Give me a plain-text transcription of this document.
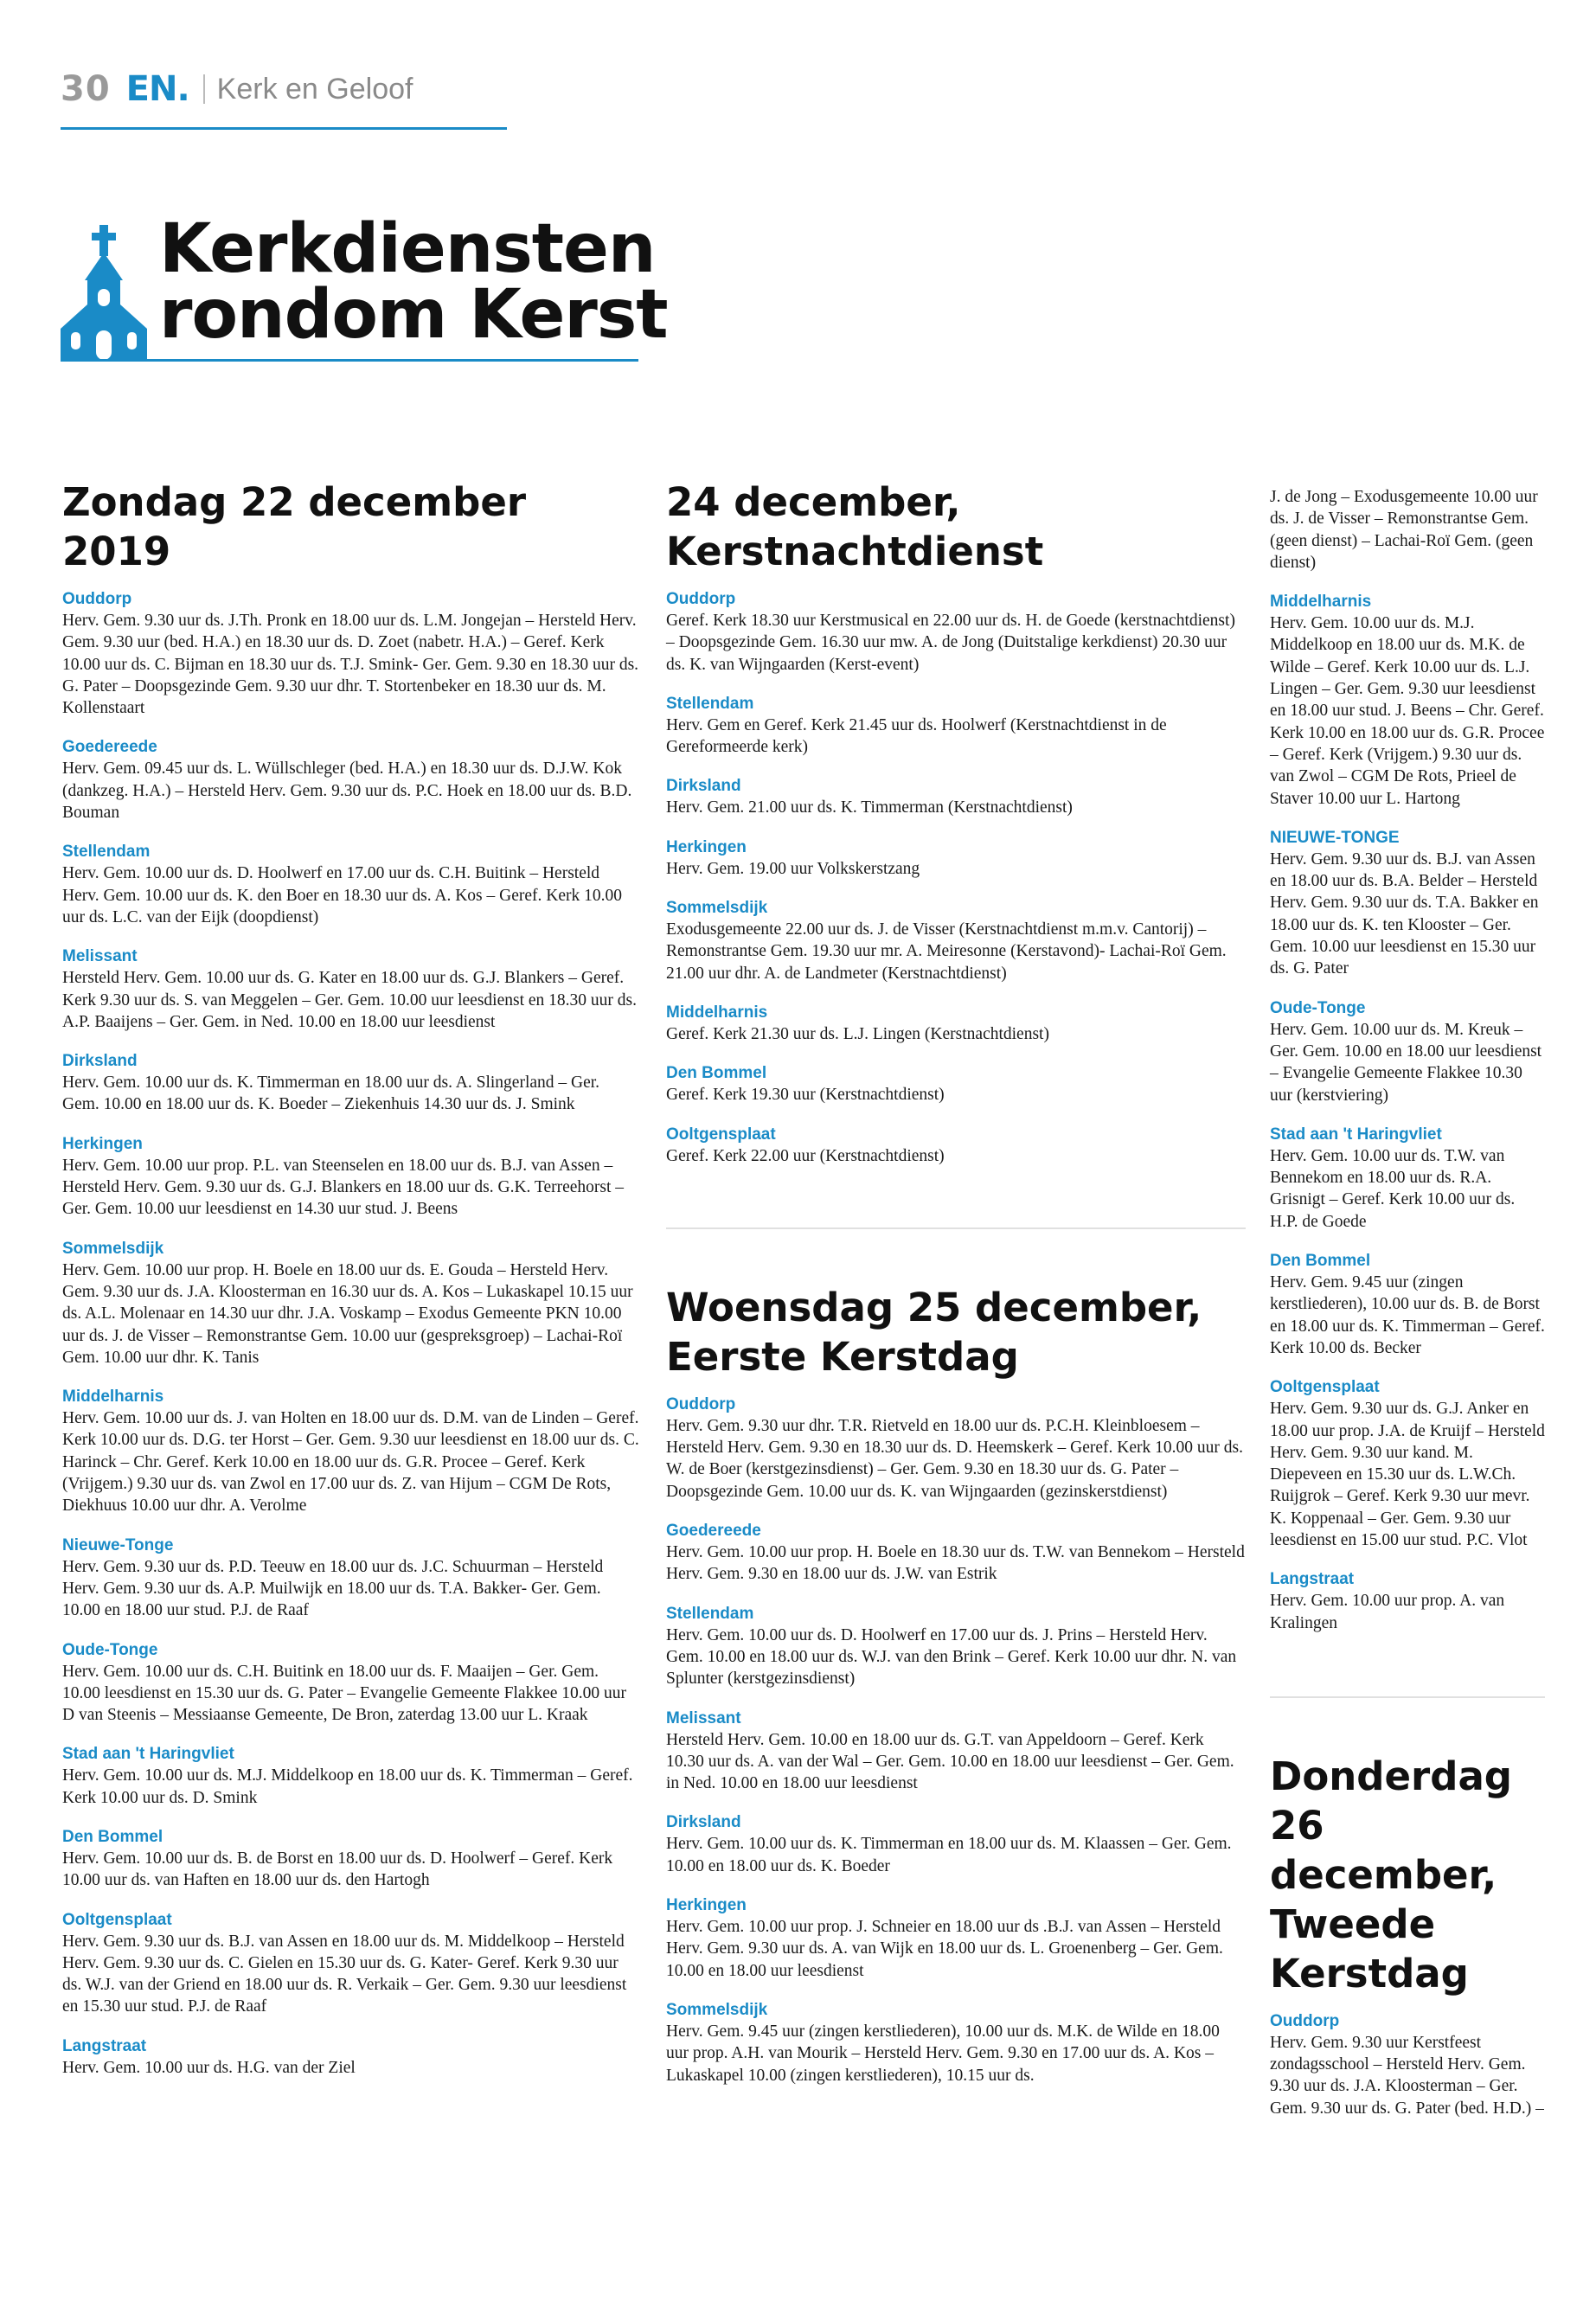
30 EN. Kerk en Geloof
Kerkdiensten
rondom Kerst
Zondag 22 december 2019
Ouddorp
Herv. Gem. 9.30 uur ds. J.Th. Pronk en 18.00 uur ds. L.M. Jongejan – Hersteld Herv. Gem. 9.30 uur (bed. H.A.) en 18.30 uur ds. D. Zoet (nabetr. H.A.) – Geref. Kerk 10.00 uur ds. C. Bijman en 18.30 uur ds. T.J. Smink- Ger. Gem. 9.30 en 18.30 uur ds. G. Pater – Doopsgezinde Gem. 9.30 uur dhr. T. Stortenbeker en 18.30 uur ds. M. Kollenstaart
Goedereede
Herv. Gem. 09.45 uur ds. L. Wüllschleger (bed. H.A.) en 18.30 uur ds. D.J.W. Kok (dankzeg. H.A.) – Hersteld Herv. Gem. 9.30 uur ds. P.C. Hoek en 18.00 uur ds. B.D. Bouman
Stellendam
Herv. Gem. 10.00 uur ds. D. Hoolwerf en 17.00 uur ds. C.H. Buitink – Hersteld Herv. Gem. 10.00 uur ds. K. den Boer en 18.30 uur ds. A. Kos – Geref. Kerk 10.00 uur ds. L.C. van der Eijk (doopdienst)
Melissant
Hersteld Herv. Gem. 10.00 uur ds. G. Kater en 18.00 uur ds. G.J. Blankers – Geref. Kerk 9.30 uur ds. S. van Meggelen – Ger. Gem. 10.00 uur leesdienst en 18.30 uur ds. A.P. Baaijens – Ger. Gem. in Ned. 10.00 en 18.00 uur leesdienst
Dirksland
Herv. Gem. 10.00 uur ds. K. Timmerman en 18.00 uur ds. A. Slingerland – Ger. Gem. 10.00 en 18.00 uur ds. K. Boeder – Ziekenhuis 14.30 uur ds. J. Smink
Herkingen
Herv. Gem. 10.00 uur prop. P.L. van Steenselen en 18.00 uur ds. B.J. van Assen – Hersteld Herv. Gem. 9.30 uur ds. G.J. Blankers en 18.00 uur ds. G.K. Terreehorst – Ger. Gem. 10.00 uur leesdienst en 14.30 uur stud. J. Beens
Sommelsdijk
Herv. Gem. 10.00 uur prop. H. Boele en 18.00 uur ds. E. Gouda – Hersteld Herv. Gem. 9.30 uur ds. J.A. Kloosterman en 16.30 uur ds. A. Kos – Lukaskapel 10.15 uur ds. A.L. Molenaar en 14.30 uur dhr. J.A. Voskamp – Exodus Gemeente PKN 10.00 uur ds. J. de Visser – Remonstrantse Gem. 10.00 uur (gespreksgroep) – Lachai-Roï Gem. 10.00 uur dhr. K. Tanis
Middelharnis
Herv. Gem. 10.00 uur ds. J. van Holten en 18.00 uur ds. D.M. van de Linden – Geref. Kerk 10.00 uur ds. D.G. ter Horst – Ger. Gem. 9.30 uur leesdienst en 18.00 uur ds. C. Harinck – Chr. Geref. Kerk 10.00 en 18.00 uur ds. G.R. Procee – Geref. Kerk (Vrijgem.) 9.30 uur ds. van Zwol en 17.00 uur ds. Z. van Hijum – CGM De Rots, Diekhuus 10.00 uur dhr. A. Verolme
Nieuwe-Tonge
Herv. Gem. 9.30 uur ds. P.D. Teeuw en 18.00 uur ds. J.C. Schuurman – Hersteld Herv. Gem. 9.30 uur ds. A.P. Muilwijk en 18.00 uur ds. T.A. Bakker- Ger. Gem. 10.00 en 18.00 uur stud. P.J. de Raaf
Oude-Tonge
Herv. Gem. 10.00 uur ds. C.H. Buitink en 18.00 uur ds. F. Maaijen – Ger. Gem. 10.00 leesdienst en 15.30 uur ds. G. Pater – Evangelie Gemeente Flakkee 10.00 uur D van Steenis – Messiaanse Gemeente, De Bron, zaterdag 13.00 uur L. Kraak
Stad aan 't Haringvliet
Herv. Gem. 10.00 uur ds. M.J. Middelkoop en 18.00 uur ds. K. Timmerman – Geref. Kerk 10.00 uur ds. D. Smink
Den Bommel
Herv. Gem. 10.00 uur ds. B. de Borst en 18.00 uur ds. D. Hoolwerf – Geref. Kerk 10.00 uur ds. van Haften en 18.00 uur ds. den Hartogh
Ooltgensplaat
Herv. Gem. 9.30 uur ds. B.J. van Assen en 18.00 uur ds. M. Middelkoop – Hersteld Herv. Gem. 9.30 uur ds. C. Gielen en 15.30 uur ds. G. Kater- Geref. Kerk 9.30 uur ds. W.J. van der Griend en 18.00 uur ds. R. Verkaik – Ger. Gem. 9.30 uur leesdienst en 15.30 uur stud. P.J. de Raaf
Langstraat
Herv. Gem. 10.00 uur ds. H.G. van der Ziel
24 december,
Kerstnachtdienst
Ouddorp
Geref. Kerk 18.30 uur Kerstmusical en 22.00 uur ds. H. de Goede (kerstnachtdienst) – Doopsgezinde Gem. 16.30 uur mw. A. de Jong (Duitstalige kerkdienst) 20.30 uur ds. K. van Wijngaarden (Kerst-event)
Stellendam
Herv. Gem en Geref. Kerk 21.45 uur ds. Hoolwerf (Kerstnachtdienst in de Gereformeerde kerk)
Dirksland
Herv. Gem. 21.00 uur ds. K. Timmerman (Kerstnachtdienst)
Herkingen
Herv. Gem. 19.00 uur Volkskerstzang
Sommelsdijk
Exodusgemeente 22.00 uur ds. J. de Visser (Kerstnachtdienst m.m.v. Cantorij) – Remonstrantse Gem. 19.30 uur mr. A. Meiresonne (Kerstavond)- Lachai-Roï Gem. 21.00 uur dhr. A. de Landmeter (Kerstnachtdienst)
Middelharnis
Geref. Kerk 21.30 uur ds. L.J. Lingen (Kerstnachtdienst)
Den Bommel
Geref. Kerk 19.30 uur (Kerstnachtdienst)
Ooltgensplaat
Geref. Kerk 22.00 uur (Kerstnachtdienst)
Woensdag 25 december,
Eerste Kerstdag
Ouddorp
Herv. Gem. 9.30 uur dhr. T.R. Rietveld en 18.00 uur ds. P.C.H. Kleinbloesem – Hersteld Herv. Gem. 9.30 en 18.30 uur ds. D. Heemskerk – Geref. Kerk 10.00 uur ds. W. de Boer (kerstgezinsdienst) – Ger. Gem. 9.30 en 18.30 uur ds. G. Pater – Doopsgezinde Gem. 10.00 uur ds. K. van Wijngaarden (gezinskerstdienst)
Goedereede
Herv. Gem. 10.00 uur prop. H. Boele en 18.30 uur ds. T.W. van Bennekom – Hersteld Herv. Gem. 9.30 en 18.00 uur ds. J.W. van Estrik
Stellendam
Herv. Gem. 10.00 uur ds. D. Hoolwerf en 17.00 uur ds. J. Prins – Hersteld Herv. Gem. 10.00 en 18.00 uur ds. W.J. van den Brink – Geref. Kerk 10.00 uur dhr. N. van Splunter (kerstgezinsdienst)
Melissant
Hersteld Herv. Gem. 10.00 en 18.00 uur ds. G.T. van Appeldoorn – Geref. Kerk 10.30 uur ds. A. van der Wal – Ger. Gem. 10.00 en 18.00 uur leesdienst – Ger. Gem. in Ned. 10.00 en 18.00 uur leesdienst
Dirksland
Herv. Gem. 10.00 uur ds. K. Timmerman en 18.00 uur ds. M. Klaassen – Ger. Gem. 10.00 en 18.00 uur ds. K. Boeder
Herkingen
Herv. Gem. 10.00 uur prop. J. Schneier en 18.00 uur ds .B.J. van Assen – Hersteld Herv. Gem. 9.30 uur ds. A. van Wijk en 18.00 uur ds. L. Groenenberg – Ger. Gem. 10.00 en 18.00 uur leesdienst
Sommelsdijk
Herv. Gem. 9.45 uur (zingen kerstliederen), 10.00 uur ds. M.K. de Wilde en 18.00 uur prop. A.H. van Mourik – Hersteld Herv. Gem. 9.30 en 17.00 uur ds. A. Kos – Lukaskapel 10.00 (zingen kerstliederen), 10.15 uur ds.
J. de Jong – Exodusgemeente 10.00 uur ds. J. de Visser – Remonstrantse Gem. (geen dienst) – Lachai-Roï Gem. (geen dienst)
Middelharnis
Herv. Gem. 10.00 uur ds. M.J. Middelkoop en 18.00 uur ds. M.K. de Wilde – Geref. Kerk 10.00 uur ds. L.J. Lingen – Ger. Gem. 9.30 uur leesdienst en 18.00 uur stud. J. Beens – Chr. Geref. Kerk 10.00 en 18.00 uur ds. G.R. Procee – Geref. Kerk (Vrijgem.) 9.30 uur ds. van Zwol – CGM De Rots, Prieel de Staver 10.00 uur L. Hartong
NIEUWE-TONGE
Herv. Gem. 9.30 uur ds. B.J. van Assen en 18.00 uur ds. B.A. Belder – Hersteld Herv. Gem. 9.30 uur ds. T.A. Bakker en 18.00 uur ds. K. ten Klooster – Ger. Gem. 10.00 uur leesdienst en 15.30 uur ds. G. Pater
Oude-Tonge
Herv. Gem. 10.00 uur ds. M. Kreuk – Ger. Gem. 10.00 en 18.00 uur leesdienst – Evangelie Gemeente Flakkee 10.30 uur (kerstviering)
Stad aan 't Haringvliet
Herv. Gem. 10.00 uur ds. T.W. van Bennekom en 18.00 uur ds. R.A. Grisnigt – Geref. Kerk 10.00 uur ds. H.P. de Goede
Den Bommel
Herv. Gem. 9.45 uur (zingen kerstliederen), 10.00 uur ds. B. de Borst en 18.00 uur ds. K. Timmerman – Geref. Kerk 10.00 ds. Becker
Ooltgensplaat
Herv. Gem. 9.30 uur ds. G.J. Anker en 18.00 uur prop. J.A. de Kruijf – Hersteld Herv. Gem. 9.30 uur kand. M. Diepeveen en 15.30 uur ds. L.W.Ch. Ruijgrok – Geref. Kerk 9.30 uur mevr. K. Koppenaal – Ger. Gem. 9.30 uur leesdienst en 15.00 uur stud. P.C. Vlot
Langstraat
Herv. Gem. 10.00 uur prop. A. van Kralingen
Donderdag
26 december,
Tweede
Kerstdag
Ouddorp
Herv. Gem. 9.30 uur Kerstfeest zondagsschool – Hersteld Herv. Gem. 9.30 uur ds. J.A. Kloosterman – Ger. Gem. 9.30 uur ds. G. Pater (bed. H.D.) –
